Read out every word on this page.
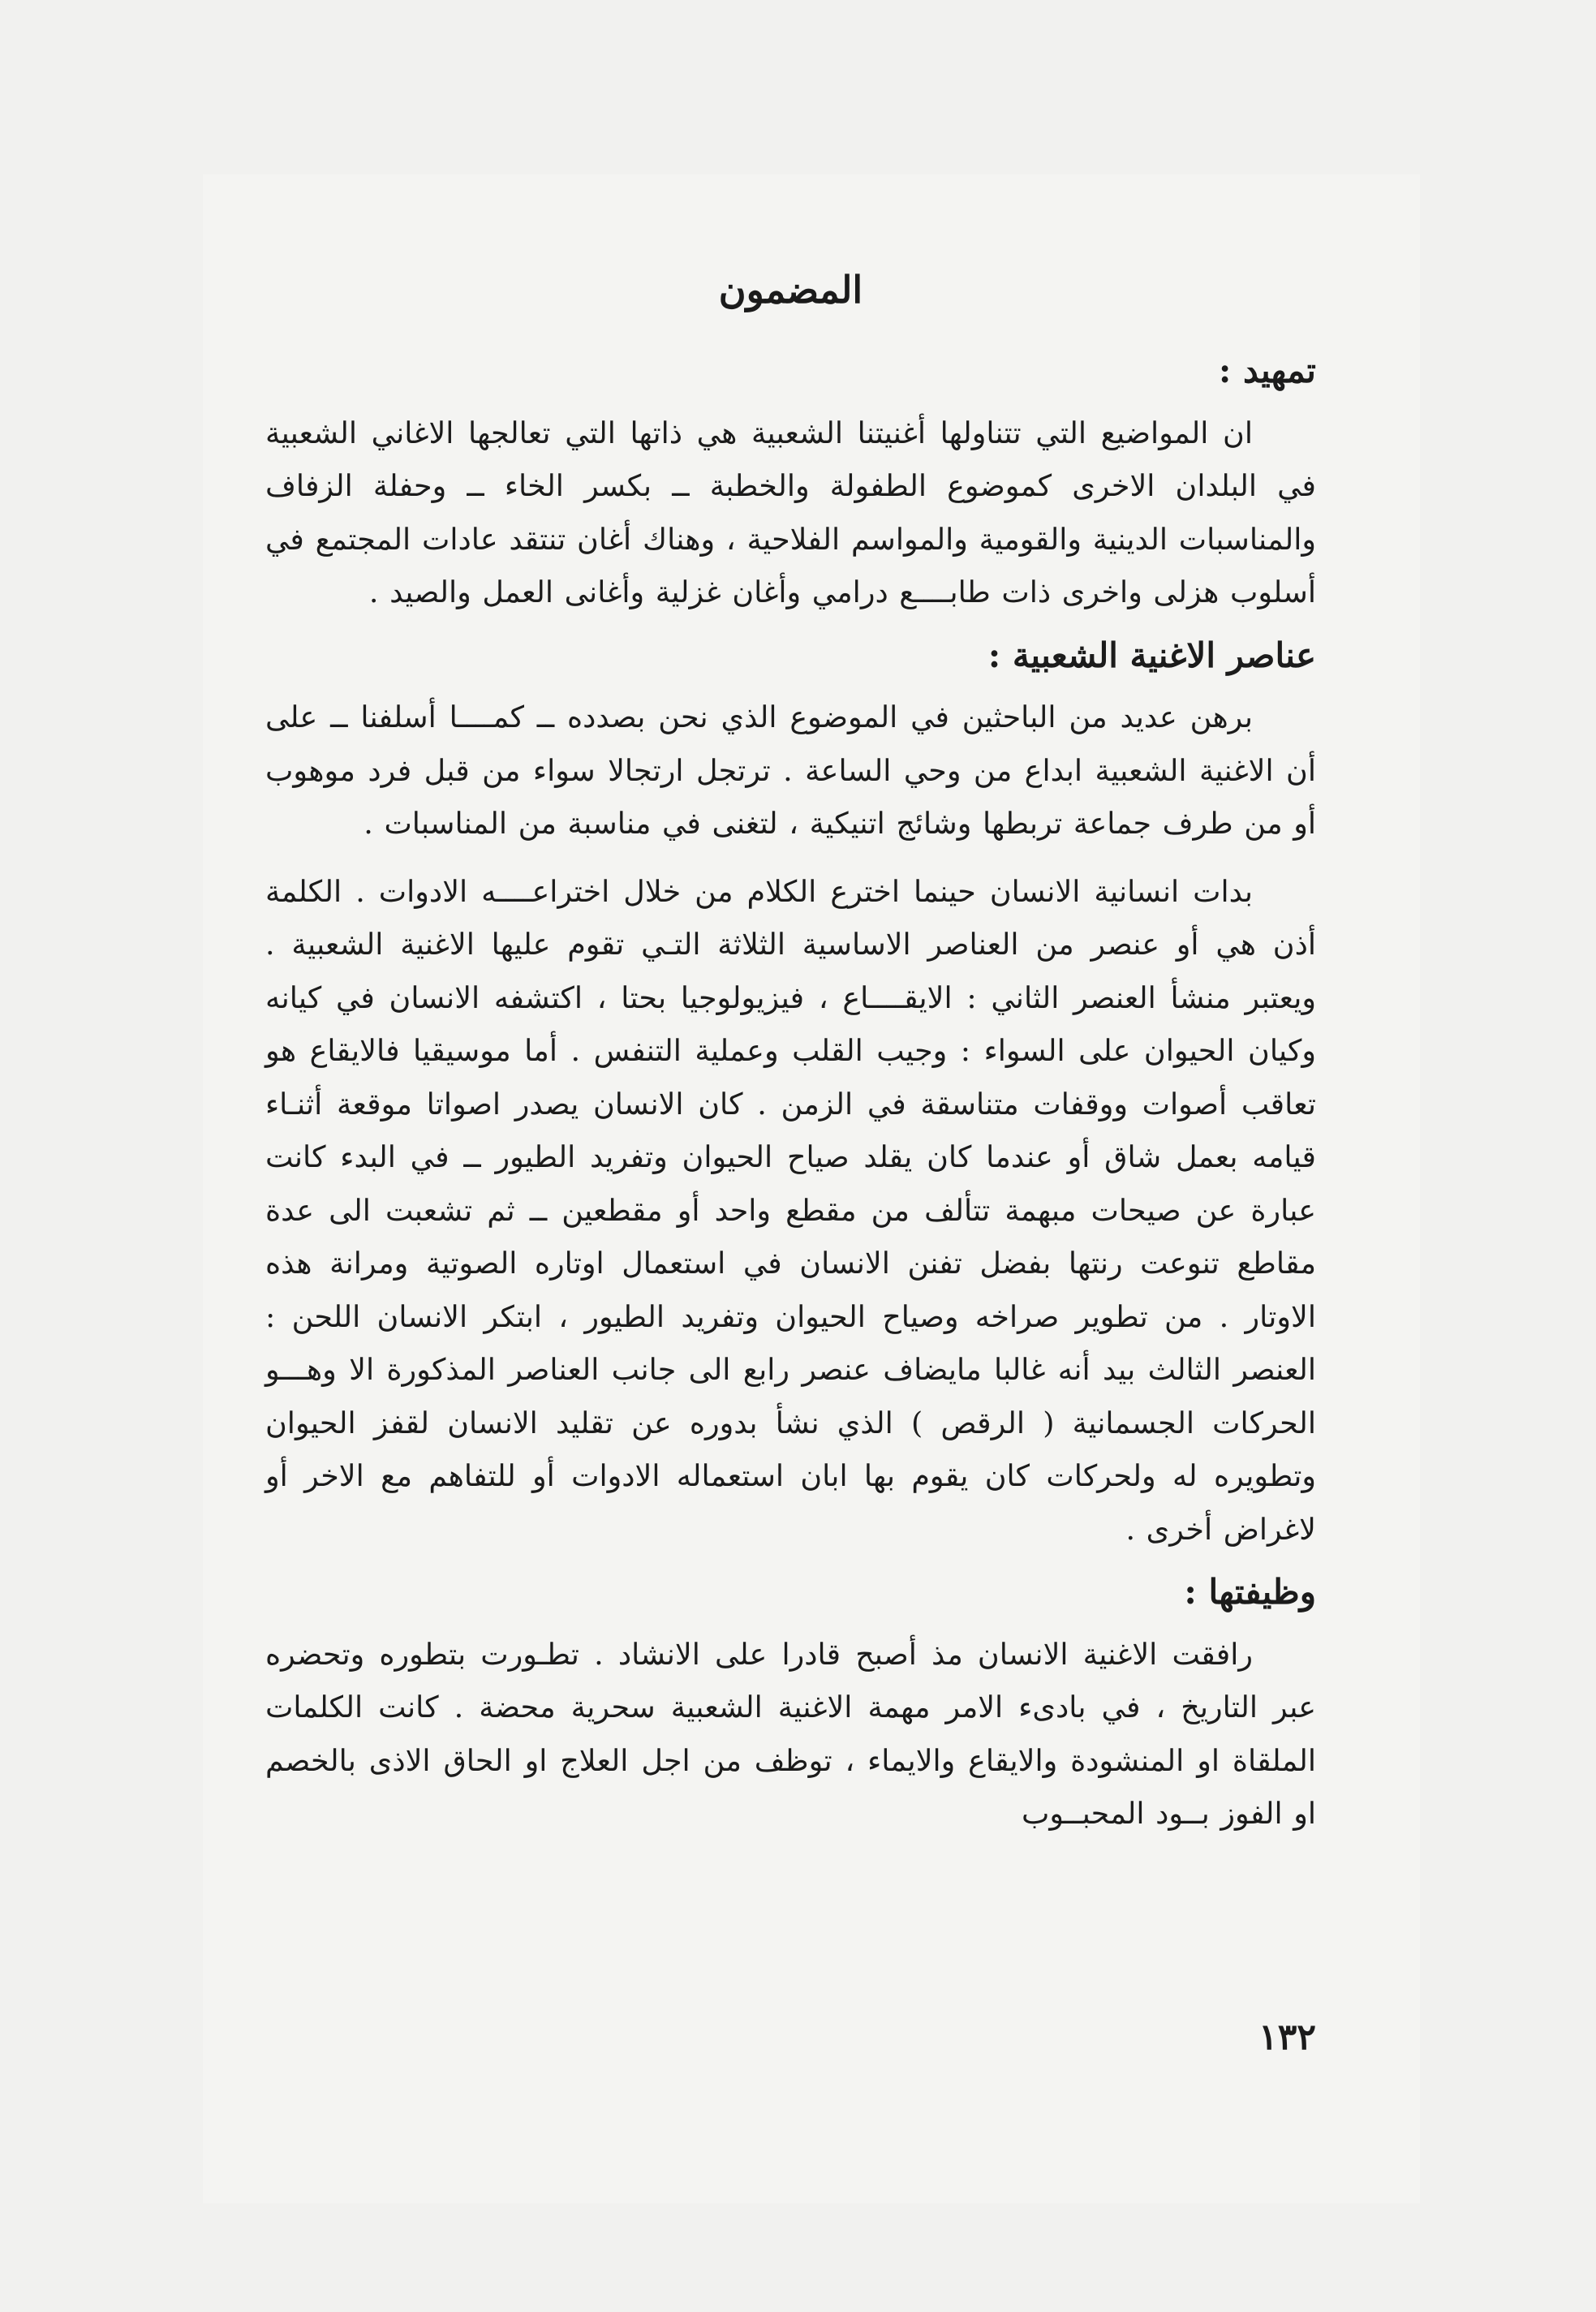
المضمون
تمهيد :

ان المواضيع التي تتناولها أغنيتنا الشعبية هي ذاتها التي تعالجها الاغاني الشعبية في البلدان الاخرى كموضوع الطفولة والخطبة ــ بكسر الخاء ــ وحفلة الزفاف والمناسبات الدينية والقومية والمواسم الفلاحية ، وهناك أغان تنتقد عادات المجتمع في أسلوب هزلى واخرى ذات طابــــع درامي وأغان غزلية وأغانى العمل والصيد .

عناصر الاغنية الشعبية :

برهن عديد من الباحثين في الموضوع الذي نحن بصدده ــ كمــــا أسلفنا ــ على أن الاغنية الشعبية ابداع من وحي الساعة . ترتجل ارتجالا سواء من قبل فرد موهوب أو من طرف جماعة تربطها وشائج اتنيكية ، لتغنى في مناسبة من المناسبات .

بدات انسانية الانسان حينما اخترع الكلام من خلال اختراعــــه الادوات . الكلمة أذن هي أو عنصر من العناصر الاساسية الثلاثة التـي تقوم عليها الاغنية الشعبية . ويعتبر منشأ العنصر الثاني : الايقــــاع ، فيزيولوجيا بحتا ، اكتشفه الانسان في كيانه وكيان الحيوان على السواء : وجيب القلب وعملية التنفس . أما موسيقيا فالايقاع هو تعاقب أصوات ووقفات متناسقة في الزمن . كان الانسان يصدر اصواتا موقعة أثنـاء قيامه بعمل شاق أو عندما كان يقلد صياح الحيوان وتفريد الطيور ــ في البدء كانت عبارة عن صيحات مبهمة تتألف من مقطع واحد أو مقطعين ــ ثم تشعبت الى عدة مقاطع تنوعت رنتها بفضل تفنن الانسان في استعمال اوتاره الصوتية ومرانة هذه الاوتار . من تطوير صراخه وصياح الحيوان وتفريد الطيور ، ابتكر الانسان اللحن : العنصر الثالث بيد أنه غالبا مايضاف عنصر رابع الى جانب العناصر المذكورة الا وهـــو الحركات الجسمانية ( الرقص ) الذي نشأ بدوره عن تقليد الانسان لقفز الحيوان وتطويره له ولحركات كان يقوم بها ابان استعماله الادوات أو للتفاهم مع الاخر أو لاغراض أخرى .

وظيفتها :

رافقت الاغنية الانسان مذ أصبح قادرا على الانشاد . تطـورت بتطوره وتحضره عبر التاريخ ، في بادىء الامر مهمة الاغنية الشعبية سحرية محضة . كانت الكلمات الملقاة او المنشودة والايقاع والايماء ، توظف من اجل العلاج او الحاق الاذى بالخصم او الفوز بــود المحبــوب

١٣٢
